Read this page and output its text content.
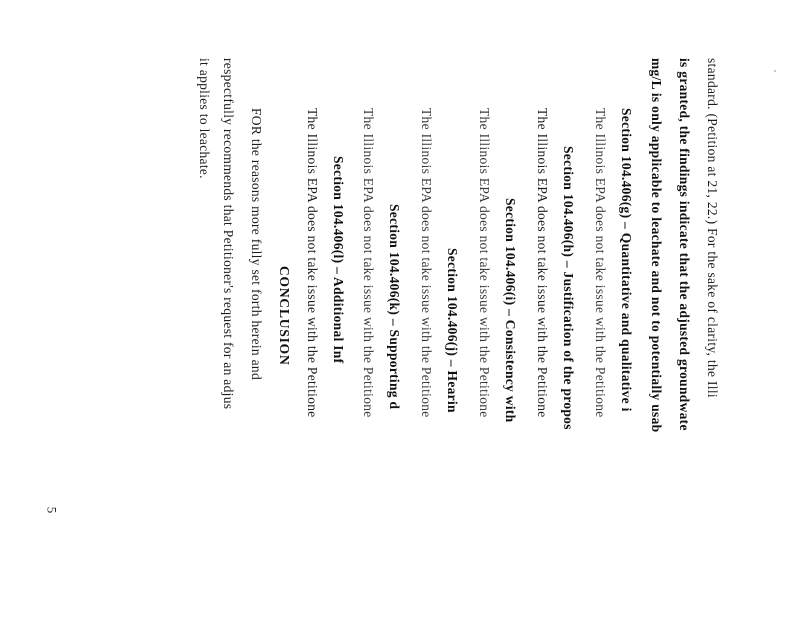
standard. (Petition at 21, 22.) For the sake of clarity, the Illi
is granted, the findings indicate that the adjusted groundwate
mg/L is only applicable to leachate and not to potentially usab
Section 104.406(g) – Quantitative and qualitative i
The Illinois EPA does not take issue with the Petitione
Section 104.406(h) – Justification of the propos
The Illinois EPA does not take issue with the Petitione
Section 104.406(i) – Consistency with
The Illinois EPA does not take issue with the Petitione
Section 104.406(j) – Hearin
The Illinois EPA does not take issue with the Petitione
Section 104.406(k) – Supporting d
The Illinois EPA does not take issue with the Petitione
Section 104.406(l) – Additional Inf
The Illinois EPA does not take issue with the Petitione
CONCLUSION
FOR the reasons more fully set forth herein and
respectfully recommends that Petitioner's request for an adjus
it applies to leachate.
5
